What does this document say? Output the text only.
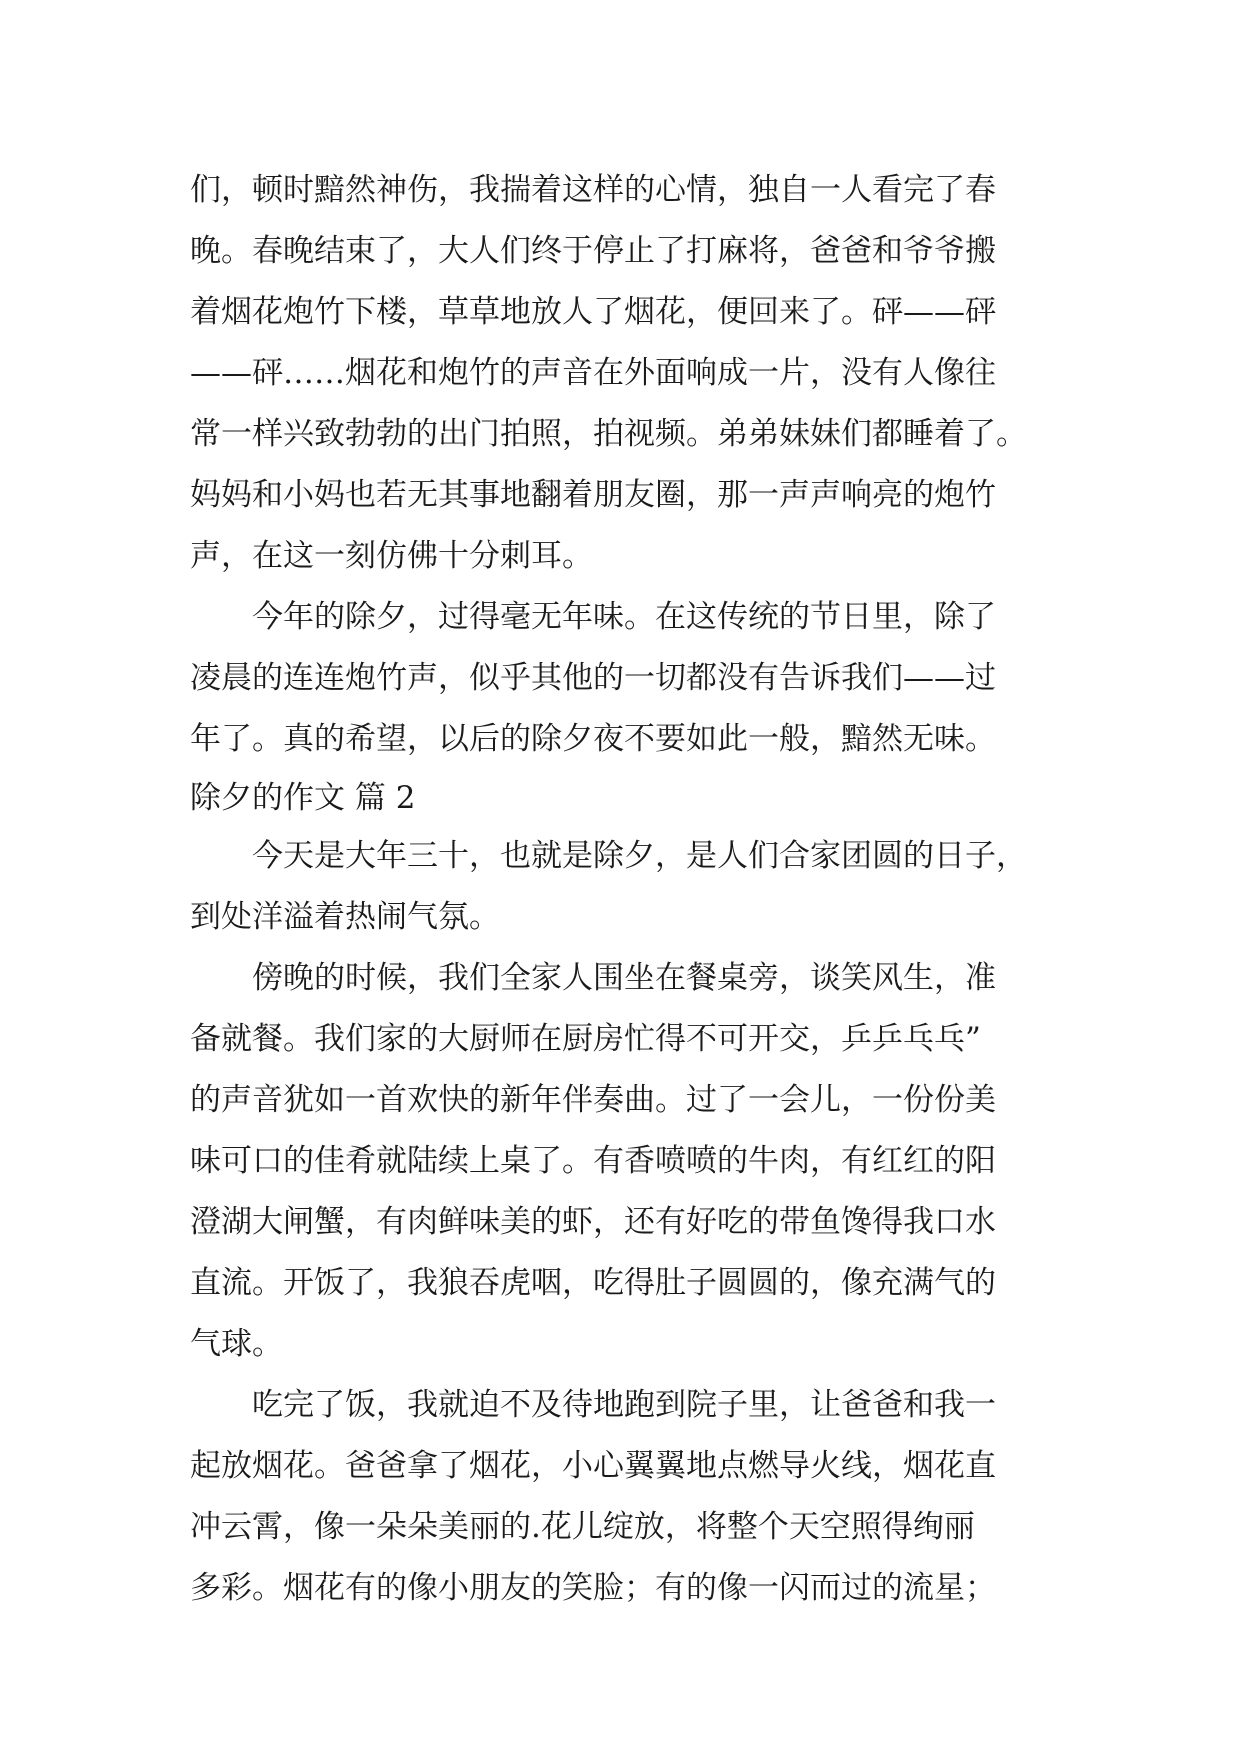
们，顿时黯然神伤，我揣着这样的心情，独自一人看完了春
晚。春晚结束了，大人们终于停止了打麻将，爸爸和爷爷搬
着烟花炮竹下楼，草草地放人了烟花，便回来了。砰——砰
——砰……烟花和炮竹的声音在外面响成一片，没有人像往
常一样兴致勃勃的出门拍照，拍视频。弟弟妹妹们都睡着了。
妈妈和小妈也若无其事地翻着朋友圈，那一声声响亮的炮竹
声，在这一刻仿佛十分刺耳。
今年的除夕，过得毫无年味。在这传统的节日里，除了
凌晨的连连炮竹声，似乎其他的一切都没有告诉我们——过
年了。真的希望，以后的除夕夜不要如此一般，黯然无味。
除夕的作文 篇 2
今天是大年三十，也就是除夕，是人们合家团圆的日子，
到处洋溢着热闹气氛。
傍晚的时候，我们全家人围坐在餐桌旁，谈笑风生，准
备就餐。我们家的大厨师在厨房忙得不可开交，乒乒乓乓”
的声音犹如一首欢快的新年伴奏曲。过了一会儿，一份份美
味可口的佳肴就陆续上桌了。有香喷喷的牛肉，有红红的阳
澄湖大闸蟹，有肉鲜味美的虾，还有好吃的带鱼馋得我口水
直流。开饭了，我狼吞虎咽，吃得肚子圆圆的，像充满气的
气球。
吃完了饭，我就迫不及待地跑到院子里，让爸爸和我一
起放烟花。爸爸拿了烟花，小心翼翼地点燃导火线，烟花直
冲云霄，像一朵朵美丽的.花儿绽放，将整个天空照得绚丽
多彩。烟花有的像小朋友的笑脸；有的像一闪而过的流星；
